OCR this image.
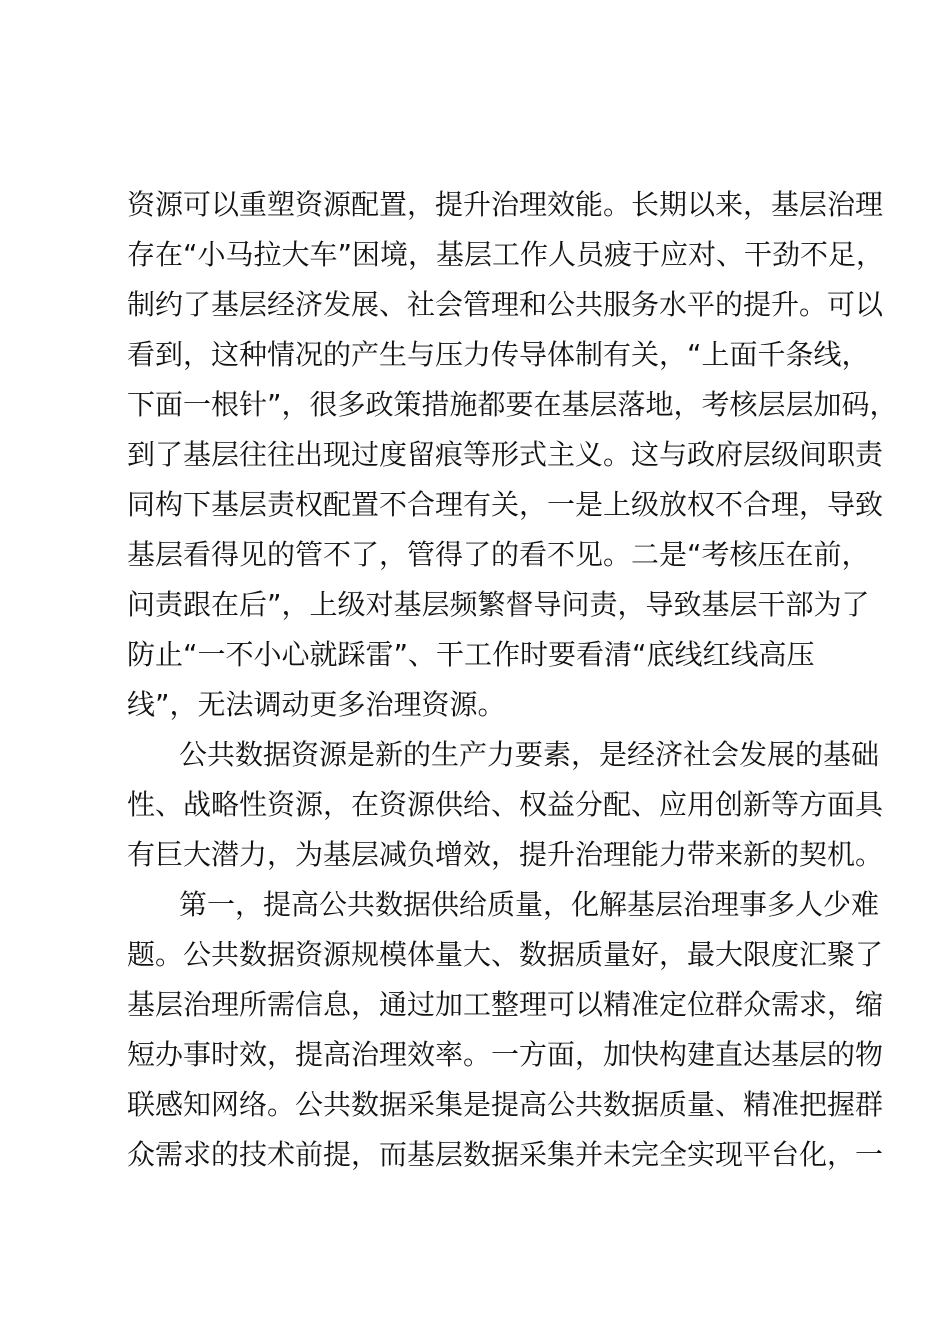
资源可以重塑资源配置，提升治理效能。长期以来，基层治理
存在“小马拉大车”困境，基层工作人员疲于应对、干劲不足，
制约了基层经济发展、社会管理和公共服务水平的提升。可以
看到，这种情况的产生与压力传导体制有关，“上面千条线，
下面一根针”，很多政策措施都要在基层落地，考核层层加码，
到了基层往往出现过度留痕等形式主义。这与政府层级间职责
同构下基层责权配置不合理有关，一是上级放权不合理，导致
基层看得见的管不了，管得了的看不见。二是“考核压在前，
问责跟在后”，上级对基层频繁督导问责，导致基层干部为了
防止“一不小心就踩雷”、干工作时要看清“底线红线高压
线”，无法调动更多治理资源。
公共数据资源是新的生产力要素，是经济社会发展的基础
性、战略性资源，在资源供给、权益分配、应用创新等方面具
有巨大潜力，为基层减负增效，提升治理能力带来新的契机。
第一，提高公共数据供给质量，化解基层治理事多人少难
题。公共数据资源规模体量大、数据质量好，最大限度汇聚了
基层治理所需信息，通过加工整理可以精准定位群众需求，缩
短办事时效，提高治理效率。一方面，加快构建直达基层的物
联感知网络。公共数据采集是提高公共数据质量、精准把握群
众需求的技术前提，而基层数据采集并未完全实现平台化，一
